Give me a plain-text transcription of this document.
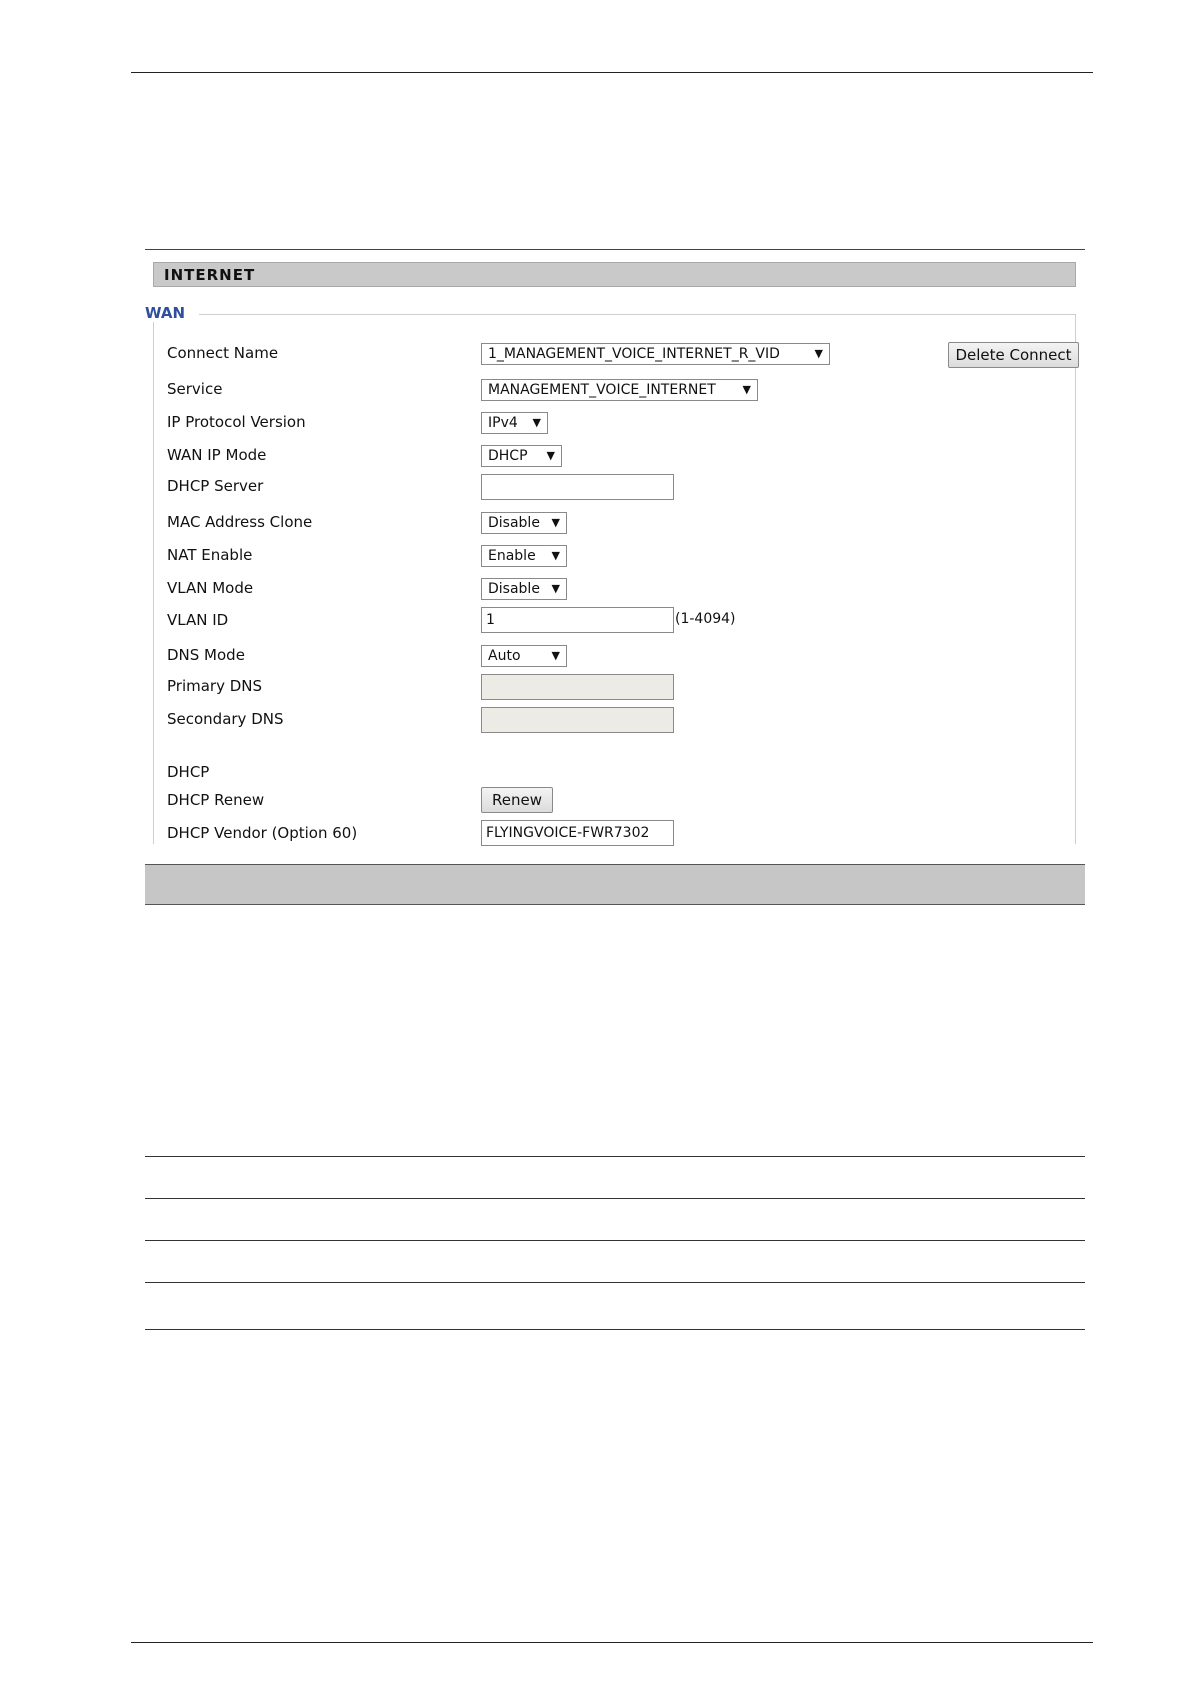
INTERNET
WAN
Connect Name	1_MANAGEMENT_VOICE_INTERNET_R_VID	▼	Delete Connect
Service	MANAGEMENT_VOICE_INTERNET ▼
IP Protocol Version	IPv4 ▼
WAN IP Mode	DHCP ▼
DHCP Server
MAC Address Clone	Disable ▼
NAT Enable	Enable ▼
VLAN Mode	Disable ▼
VLAN ID	1	(1-4094)
DNS Mode	Auto	▼
Primary DNS
Secondary DNS
DHCP
DHCP Renew	Renew
DHCP Vendor (Option 60)	FLYINGVOICE-FWR7302
